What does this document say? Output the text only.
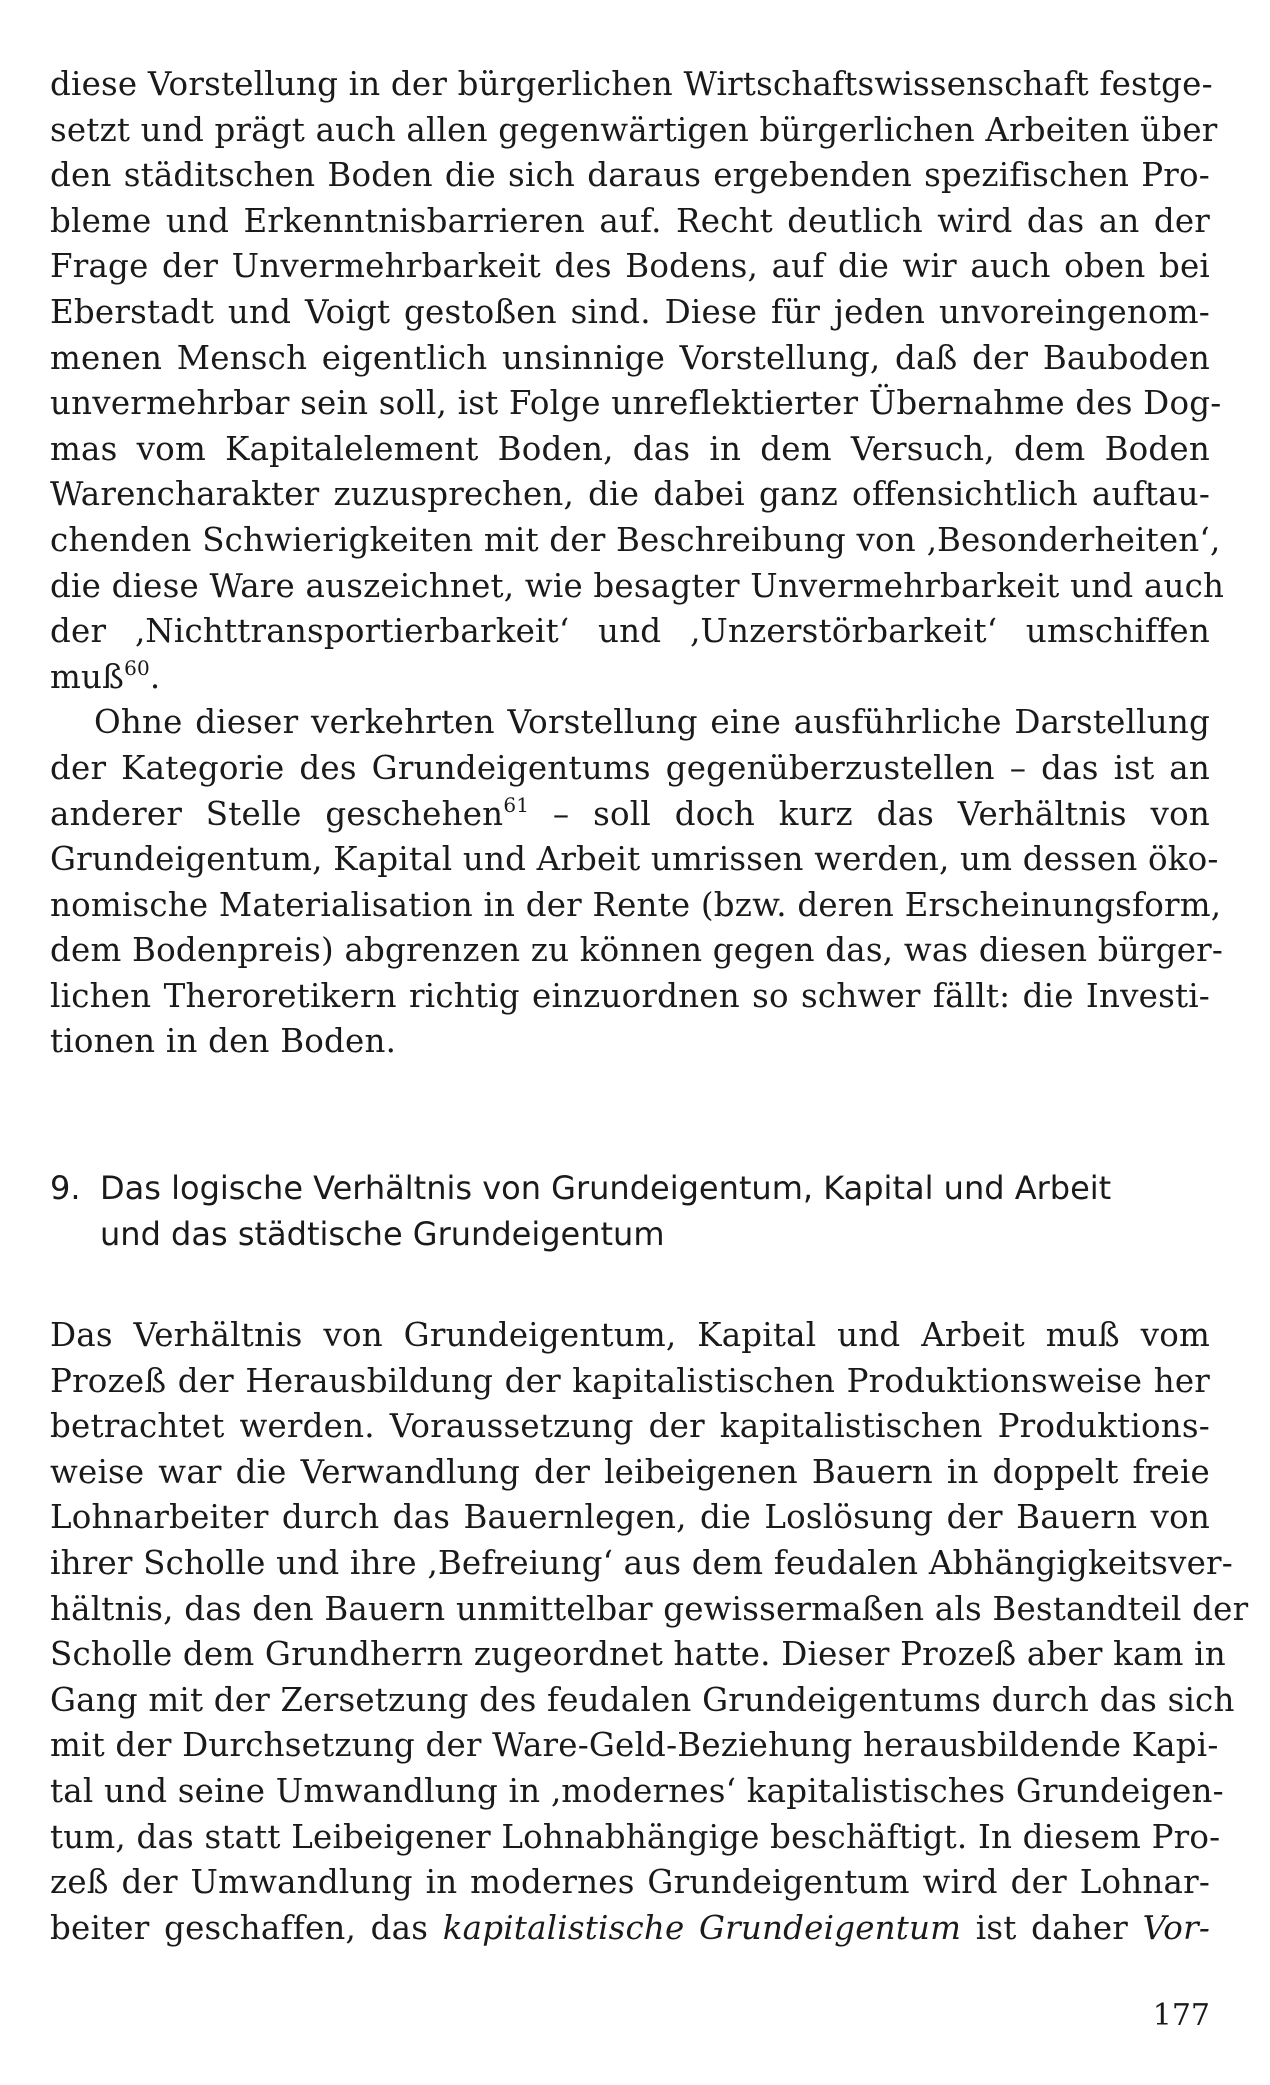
diese Vorstellung in der bürgerlichen Wirtschaftswissenschaft festge-
setzt und prägt auch allen gegenwärtigen bürgerlichen Arbeiten über
den städitschen Boden die sich daraus ergebenden spezifischen Pro-
bleme und Erkenntnisbarrieren auf. Recht deutlich wird das an der
Frage der Unvermehrbarkeit des Bodens, auf die wir auch oben bei
Eberstadt und Voigt gestoßen sind. Diese für jeden unvoreingenom-
menen Mensch eigentlich unsinnige Vorstellung, daß der Bauboden
unvermehrbar sein soll, ist Folge unreflektierter Übernahme des Dog-
mas vom Kapitalelement Boden, das in dem Versuch, dem Boden
Warencharakter zuzusprechen, die dabei ganz offensichtlich auftau-
chenden Schwierigkeiten mit der Beschreibung von ‚Besonderheiten‘,
die diese Ware auszeichnet, wie besagter Unvermehrbarkeit und auch
der ‚Nichttransportierbarkeit‘ und ‚Unzerstörbarkeit‘ umschiffen
muß$^{60}$.

Ohne dieser verkehrten Vorstellung eine ausführliche Darstellung
der Kategorie des Grundeigentums gegenüberzustellen – das ist an
anderer Stelle geschehen$^{61}$ – soll doch kurz das Verhältnis von
Grundeigentum, Kapital und Arbeit umrissen werden, um dessen öko-
nomische Materialisation in der Rente (bzw. deren Erscheinungsform,
dem Bodenpreis) abgrenzen zu können gegen das, was diesen bürger-
lichen Theroretikern richtig einzuordnen so schwer fällt: die Investi-
tionen in den Boden.

9. Das logische Verhältnis von Grundeigentum, Kapital und Arbeit
und das städtische Grundeigentum

Das Verhältnis von Grundeigentum, Kapital und Arbeit muß vom
Prozeß der Herausbildung der kapitalistischen Produktionsweise her
betrachtet werden. Voraussetzung der kapitalistischen Produktions-
weise war die Verwandlung der leibeigenen Bauern in doppelt freie
Lohnarbeiter durch das Bauernlegen, die Loslösung der Bauern von
ihrer Scholle und ihre ‚Befreiung‘ aus dem feudalen Abhängigkeitsver-
hältnis, das den Bauern unmittelbar gewissermaßen als Bestandteil der
Scholle dem Grundherrn zugeordnet hatte. Dieser Prozeß aber kam in
Gang mit der Zersetzung des feudalen Grundeigentums durch das sich
mit der Durchsetzung der Ware-Geld-Beziehung herausbildende Kapi-
tal und seine Umwandlung in ‚modernes‘ kapitalistisches Grundeigen-
tum, das statt Leibeigener Lohnabhängige beschäftigt. In diesem Pro-
zeß der Umwandlung in modernes Grundeigentum wird der Lohnar-
beiter geschaffen, das kapitalistische Grundeigentum ist daher Vor-

177
